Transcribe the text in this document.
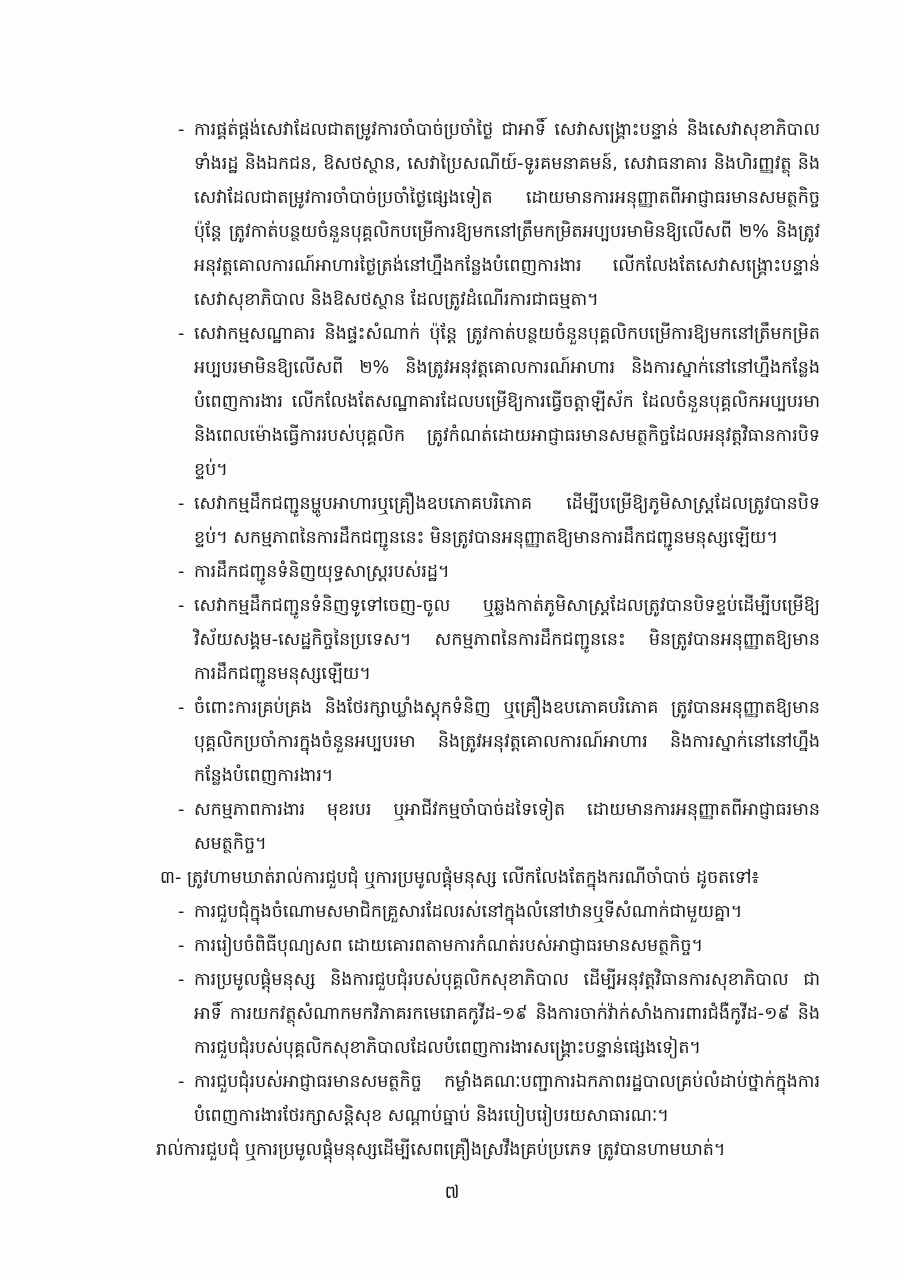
- ការផ្គត់ផ្គង់សេវាដែលជាតម្រូវការចាំបាច់ប្រចាំថ្ងៃ ជាអាទិ៍ សេវាសង្គ្រោះបន្ទាន់ និងសេវាសុខាភិបាលទាំងរដ្ឋ និងឯកជន, ឱសថស្ថាន, សេវាប្រៃសណីយ៍-ទូរគមនាគមន៍, សេវាធនាគារ និងហិរញ្ញវត្ថុ និងសេវាដែលជាតម្រូវការចាំបាច់ប្រចាំថ្ងៃផ្សេងទៀត ដោយមានការអនុញ្ញាតពីអាជ្ញាធរមានសមត្ថកិច្ច ប៉ុន្តែ ត្រូវកាត់បន្ថយចំនួនបុគ្គលិកបម្រើការឱ្យមកនៅត្រឹមកម្រិតអប្បបរមាមិនឱ្យលើសពី ២% និងត្រូវអនុវត្តគោលការណ៍អាហារថ្ងៃត្រង់នៅហ្នឹងកន្លែងបំពេញការងារ លើកលែងតែសេវាសង្គ្រោះបន្ទាន់ សេវាសុខាភិបាល និងឱសថស្ថាន ដែលត្រូវដំណើរការជាធម្មតា។
- សេវាកម្មសណ្ឋាគារ និងផ្ទះសំណាក់ ប៉ុន្តែ ត្រូវកាត់បន្ថយចំនួនបុគ្គលិកបម្រើការឱ្យមកនៅត្រឹមកម្រិតអប្បបរមាមិនឱ្យលើសពី ២% និងត្រូវអនុវត្តគោលការណ៍អាហារ និងការស្នាក់នៅនៅហ្នឹងកន្លែងបំពេញការងារ លើកលែងតែសណ្ឋាគារដែលបម្រើឱ្យការធ្វើចត្តាឡីស័ក ដែលចំនួនបុគ្គលិកអប្បបរមា និងពេលម៉ោងធ្វើការរបស់បុគ្គលិក ត្រូវកំណត់ដោយអាជ្ញាធរមានសមត្ថកិច្ចដែលអនុវត្តវិធានការបិទខ្ទប់។
- សេវាកម្មដឹកជញ្ជូនម្ហូបអាហារឬគ្រឿងឧបភោគបរិភោគ ដើម្បីបម្រើឱ្យភូមិសាស្ត្រដែលត្រូវបានបិទខ្ទប់។ សកម្មភាពនៃការដឹកជញ្ជូននេះ មិនត្រូវបានអនុញ្ញាតឱ្យមានការដឹកជញ្ជូនមនុស្សឡើយ។
- ការដឹកជញ្ជូនទំនិញយុទ្ធសាស្ត្ររបស់រដ្ឋ។
- សេវាកម្មដឹកជញ្ជូនទំនិញទូទៅចេញ-ចូល ឬឆ្លងកាត់ភូមិសាស្ត្រដែលត្រូវបានបិទខ្ទប់ដើម្បីបម្រើឱ្យវិស័យសង្គម-សេដ្ឋកិច្ចនៃប្រទេស។ សកម្មភាពនៃការដឹកជញ្ជូននេះ មិនត្រូវបានអនុញ្ញាតឱ្យមានការដឹកជញ្ជូនមនុស្សឡើយ។
- ចំពោះការគ្រប់គ្រង និងថែរក្សាឃ្លាំងស្តុកទំនិញ ឬគ្រឿងឧបភោគបរិភោគ ត្រូវបានអនុញ្ញាតឱ្យមានបុគ្គលិកប្រចាំការក្នុងចំនួនអប្បបរមា និងត្រូវអនុវត្តគោលការណ៍អាហារ និងការស្នាក់នៅនៅហ្នឹងកន្លែងបំពេញការងារ។
- សកម្មភាពការងារ មុខរបរ ឬអាជីវកម្មចាំបាច់ដទៃទៀត ដោយមានការអនុញ្ញាតពីអាជ្ញាធរមានសមត្ថកិច្ច។

៣- ត្រូវហាមឃាត់រាល់ការជួបជុំ ឬការប្រមូលផ្តុំមនុស្ស លើកលែងតែក្នុងករណីចាំបាច់ ដូចតទៅ៖

- ការជួបជុំក្នុងចំណោមសមាជិកគ្រួសារដែលរស់នៅក្នុងលំនៅឋានឬទីសំណាក់ជាមួយគ្នា។
- ការរៀបចំពិធីបុណ្យសព ដោយគោរពតាមការកំណត់របស់អាជ្ញាធរមានសមត្ថកិច្ច។
- ការប្រមូលផ្តុំមនុស្ស និងការជួបជុំរបស់បុគ្គលិកសុខាភិបាល ដើម្បីអនុវត្តវិធានការសុខាភិបាល ជាអាទិ៍ ការយកវត្ថុសំណាកមកវិភាគរកមេរោគកូវីដ-១៩ និងការចាក់វ៉ាក់សាំងការពារជំងឺកូវីដ-១៩ និងការជួបជុំរបស់បុគ្គលិកសុខាភិបាលដែលបំពេញការងារសង្គ្រោះបន្ទាន់ផ្សេងទៀត។
- ការជួបជុំរបស់អាជ្ញាធរមានសមត្ថកិច្ច កម្លាំងគណៈបញ្ជាការឯកភាពរដ្ឋបាលគ្រប់លំដាប់ថ្នាក់ក្នុងការបំពេញការងារថែរក្សាសន្តិសុខ សណ្តាប់ធ្នាប់ និងរបៀបរៀបរយសាធារណៈ។

រាល់ការជួបជុំ ឬការប្រមូលផ្តុំមនុស្សដើម្បីសេពគ្រឿងស្រវឹងគ្រប់ប្រភេទ ត្រូវបានហាមឃាត់។

៧
